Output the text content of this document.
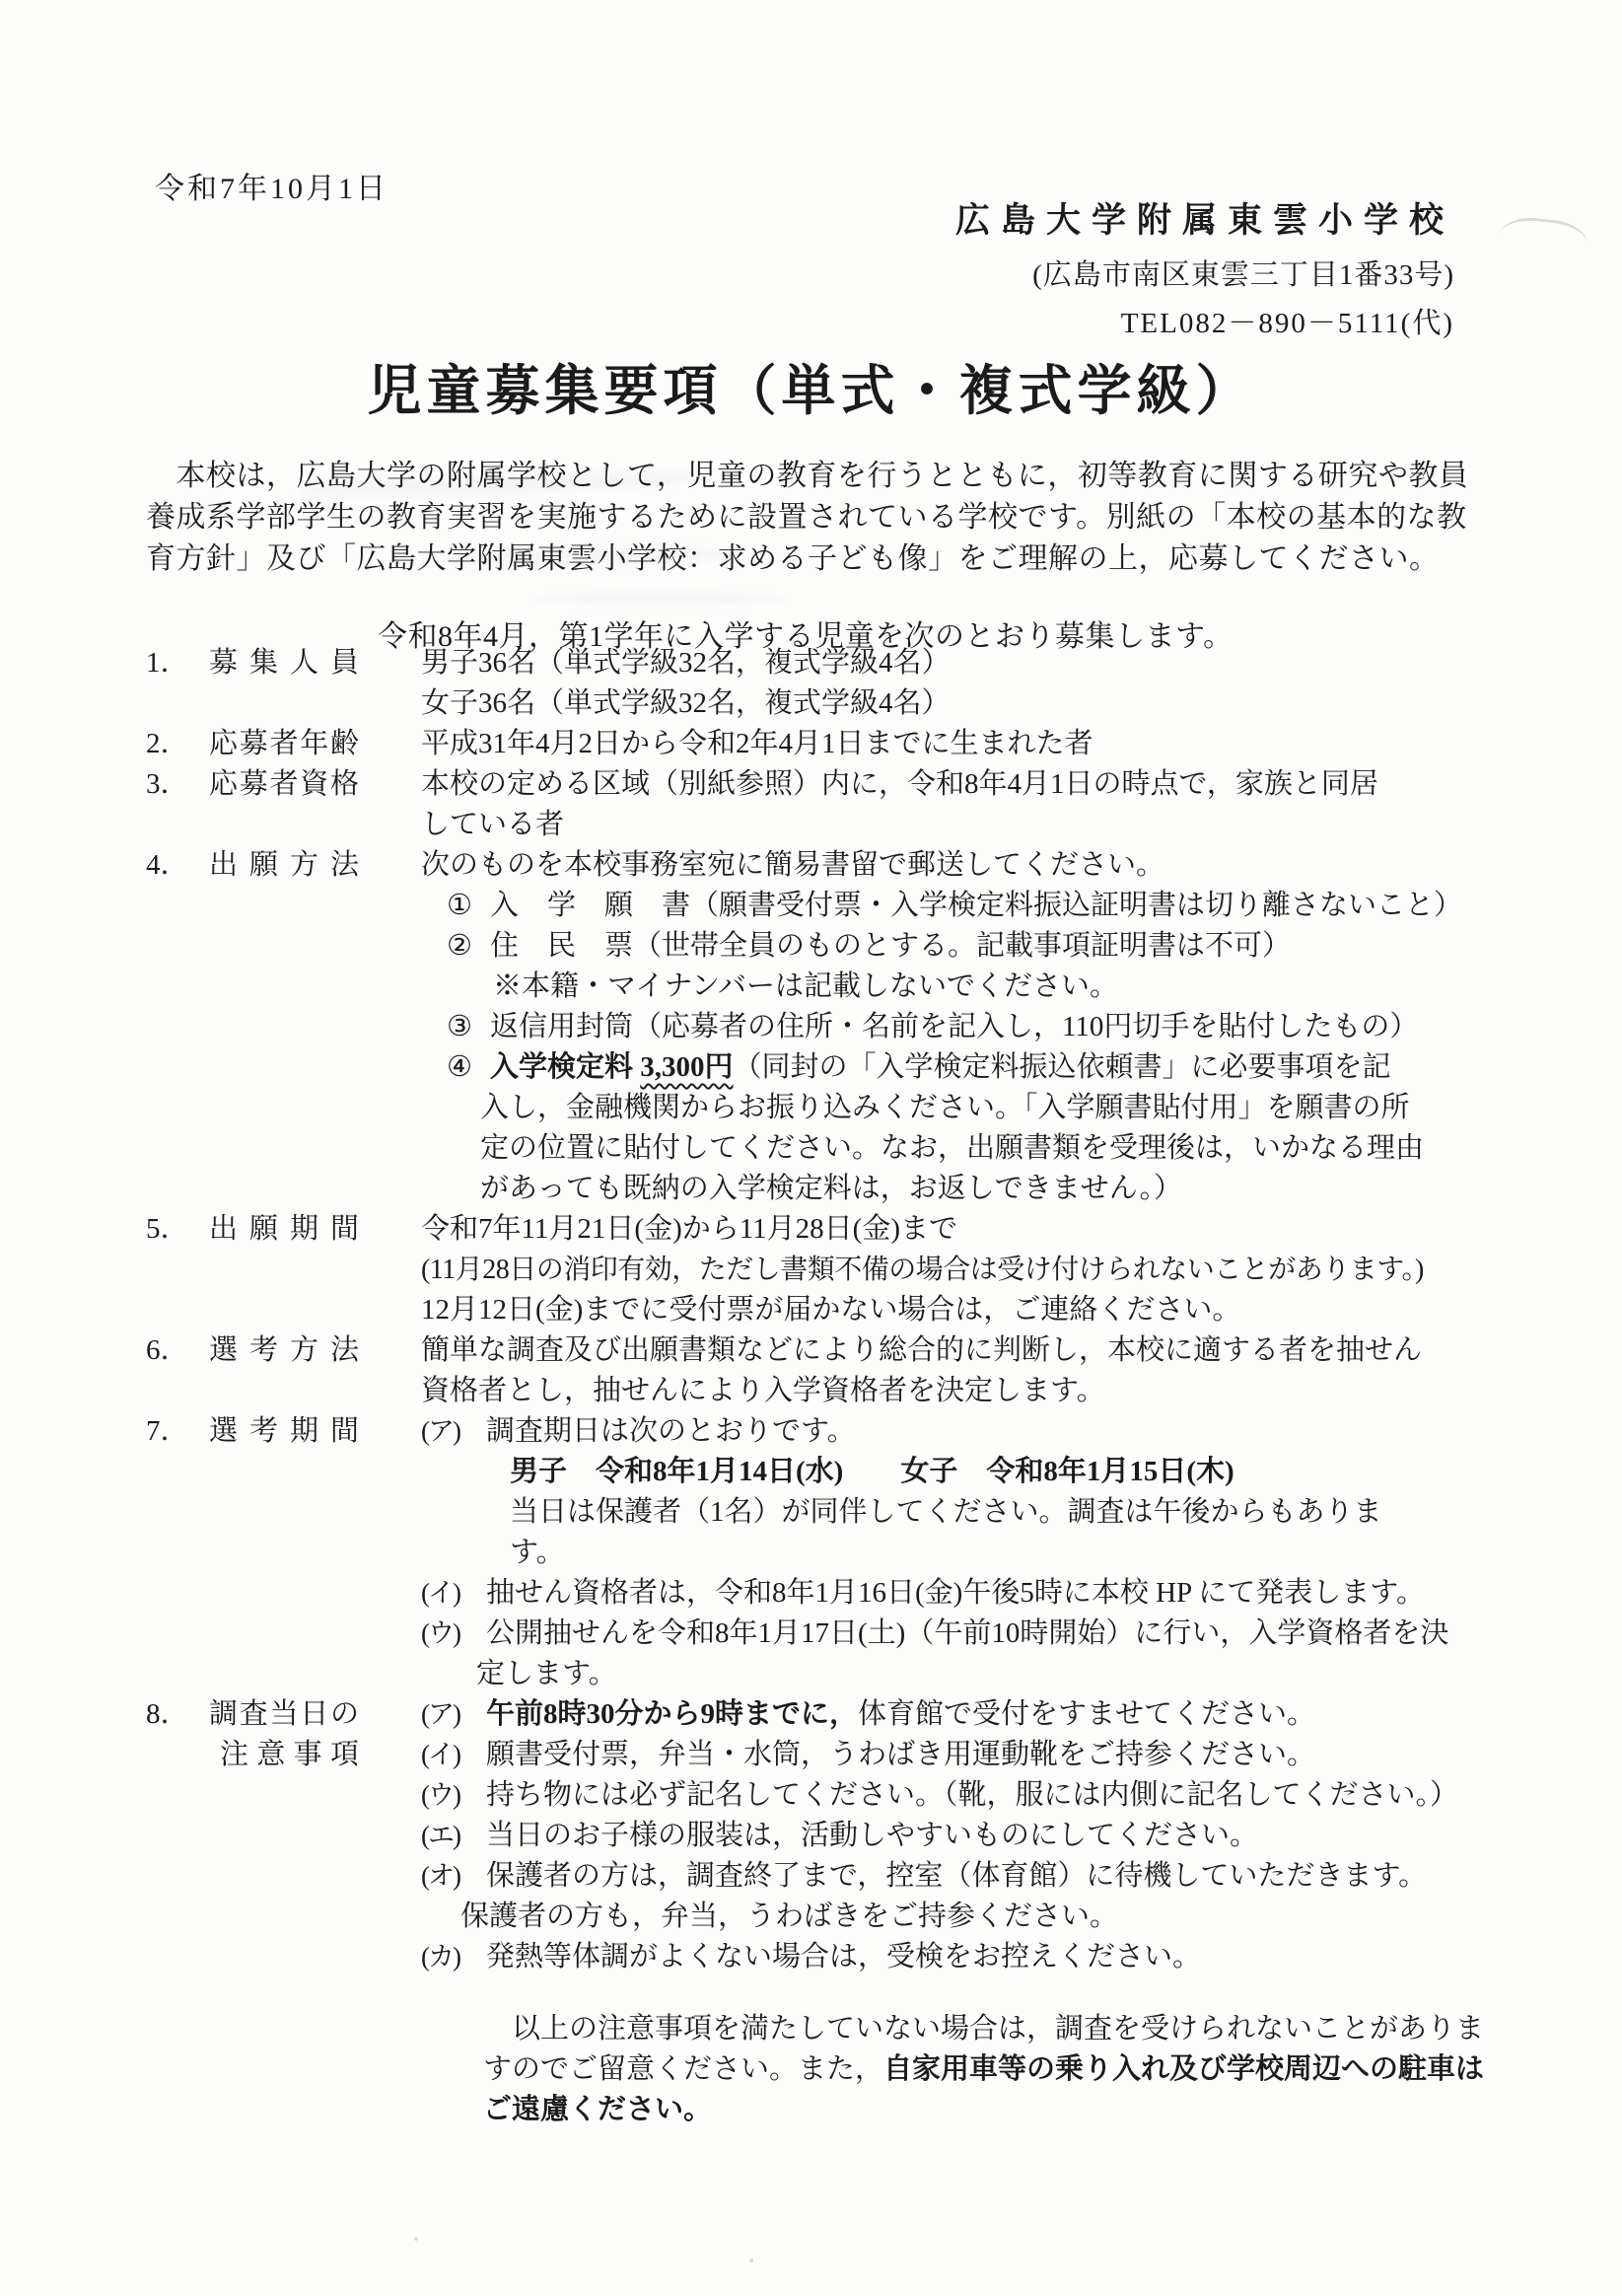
令和7年10月1日
広島大学附属東雲小学校
(広島市南区東雲三丁目1番33号)
TEL082－890－5111(代)
児童募集要項（単式・複式学級）
　本校は，広島大学の附属学校として，児童の教育を行うとともに，初等教育に関する研究や教員
養成系学部学生の教育実習を実施するために設置されている学校です。別紙の「本校の基本的な教
育方針」及び「広島大学附属東雲小学校：求める子ども像」をご理解の上，応募してください。
令和8年4月，第1学年に入学する児童を次のとおり募集します。
1． 募集人員 男子36名（単式学級32名，複式学級4名）
女子36名（単式学級32名，複式学級4名）
2． 応募者年齢 平成31年4月2日から令和2年4月1日までに生まれた者
3． 応募者資格 本校の定める区域（別紙参照）内に，令和8年4月1日の時点で，家族と同居
している者
4． 出願方法 次のものを本校事務室宛に簡易書留で郵送してください。
① 入　学　願　書（願書受付票・入学検定料振込証明書は切り離さないこと）
② 住　民　票（世帯全員のものとする。記載事項証明書は不可）
※本籍・マイナンバーは記載しないでください。
③ 返信用封筒（応募者の住所・名前を記入し，110円切手を貼付したもの）
④ 入学検定料 3,300円（同封の「入学検定料振込依頼書」に必要事項を記
入し，金融機関からお振り込みください。「入学願書貼付用」を願書の所
定の位置に貼付してください。なお，出願書類を受理後は，いかなる理由
があっても既納の入学検定料は，お返しできません。）
5． 出願期間 令和7年11月21日(金)から11月28日(金)まで
(11月28日の消印有効，ただし書類不備の場合は受け付けられないことがあります。)
12月12日(金)までに受付票が届かない場合は，ご連絡ください。
6． 選考方法 簡単な調査及び出願書類などにより総合的に判断し，本校に適する者を抽せん
資格者とし，抽せんにより入学資格者を決定します。
7． 選考期間 (ア) 調査期日は次のとおりです。
男子　令和8年1月14日(水)　　女子　令和8年1月15日(木)
当日は保護者（1名）が同伴してください。調査は午後からもありま
す。
(イ) 抽せん資格者は，令和8年1月16日(金)午後5時に本校 HP にて発表します。
(ウ) 公開抽せんを令和8年1月17日(土)（午前10時開始）に行い，入学資格者を決
定します。
8． 調査当日の
注意事項
(ア) 午前8時30分から9時までに，体育館で受付をすませてください。
(イ) 願書受付票，弁当・水筒，うわばき用運動靴をご持参ください。
(ウ) 持ち物には必ず記名してください。（靴，服には内側に記名してください。）
(エ) 当日のお子様の服装は，活動しやすいものにしてください。
(オ) 保護者の方は，調査終了まで，控室（体育館）に待機していただきます。
保護者の方も，弁当，うわばきをご持参ください。
(カ) 発熱等体調がよくない場合は，受検をお控えください。
　以上の注意事項を満たしていない場合は，調査を受けられないことがありま
すのでご留意ください。また，自家用車等の乗り入れ及び学校周辺への駐車は
ご遠慮ください。
